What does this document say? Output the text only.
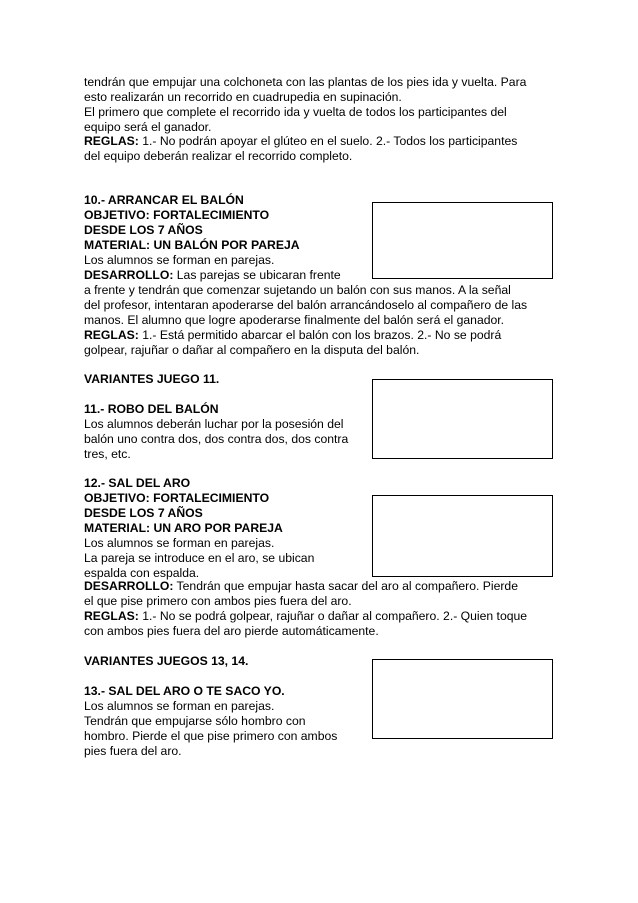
tendrán que empujar una colchoneta con las plantas de los pies ida y vuelta. Para

esto realizarán un recorrido en cuadrupedia en supinación.

El primero que complete el recorrido ida y vuelta de todos los participantes del

equipo será el ganador.

REGLAS: 1.- No podrán apoyar el glúteo en el suelo. 2.- Todos los participantes

del equipo deberán realizar el recorrido completo.

10.- ARRANCAR EL BALÓN

OBJETIVO: FORTALECIMIENTO

DESDE LOS 7 AÑOS

MATERIAL: UN BALÓN POR PAREJA

Los alumnos se forman en parejas.

DESARROLLO: Las parejas se ubicaran frente

a frente y tendrán que comenzar sujetando un balón con sus manos. A la señal

del profesor, intentaran apoderarse del balón arrancándoselo al compañero de las

manos. El alumno que logre apoderarse finalmente del balón será el ganador.

REGLAS: 1.- Está permitido abarcar el balón con los brazos. 2.- No se podrá

golpear, rajuñar o dañar al compañero en la disputa del balón.

VARIANTES JUEGO 11.

11.- ROBO DEL BALÓN

Los alumnos deberán luchar por la posesión del

balón uno contra dos, dos contra dos, dos contra

tres, etc.

12.- SAL DEL ARO

OBJETIVO: FORTALECIMIENTO

DESDE LOS 7 AÑOS

MATERIAL: UN ARO POR PAREJA

Los alumnos se forman en parejas.

La pareja se introduce en el aro, se ubican

espalda con espalda.

DESARROLLO: Tendrán que empujar hasta sacar del aro al compañero. Pierde

el que pise primero con ambos pies fuera del aro.

REGLAS: 1.- No se podrá golpear, rajuñar o dañar al compañero. 2.- Quien toque

con ambos pies fuera del aro pierde automáticamente.

VARIANTES JUEGOS 13, 14.

13.- SAL DEL ARO O TE SACO YO.

Los alumnos se forman en parejas.

Tendrán que empujarse sólo hombro con

hombro. Pierde el que pise primero con ambos

pies fuera del aro.
